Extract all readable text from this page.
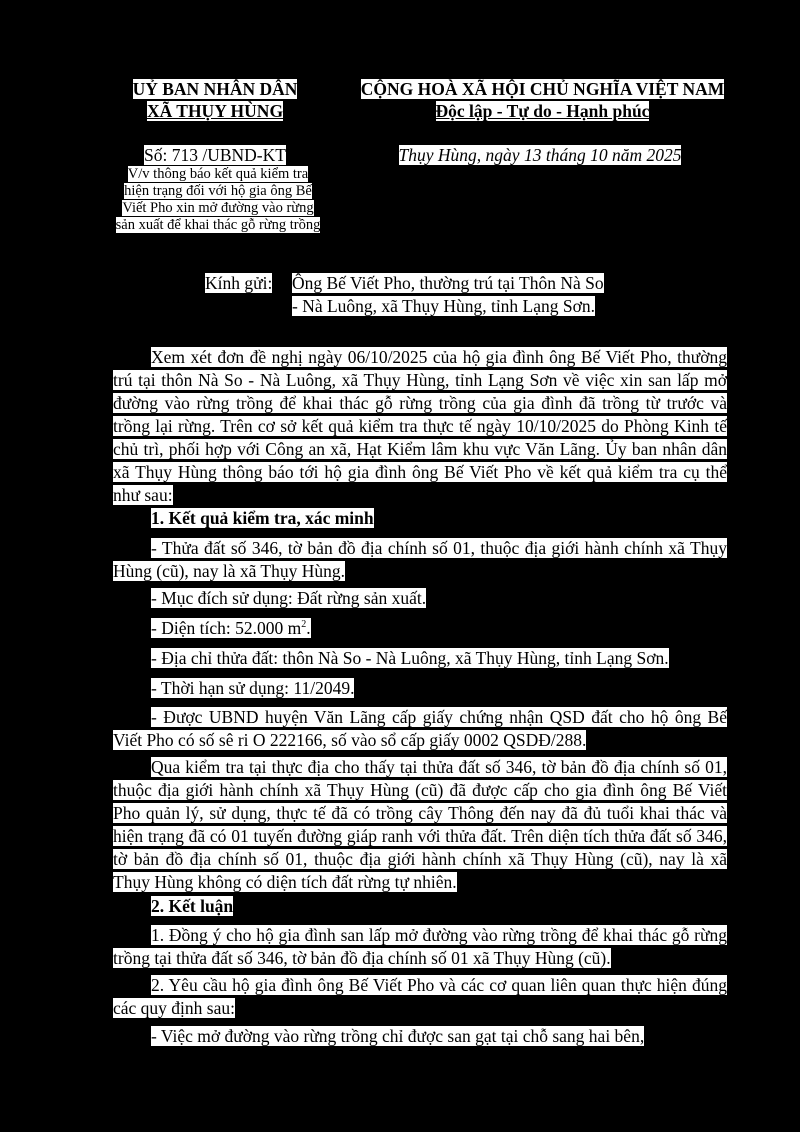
UỶ BAN NHÂN DÂN
XÃ THỤY HÙNG
CỘNG HOÀ XÃ HỘI CHỦ NGHĨA VIỆT NAM
Độc lập - Tự do - Hạnh phúc
Số: 713 /UBND-KT
V/v thông báo kết quả kiểm tra
hiện trạng đối với hộ gia ông Bế
Viết Pho xin mở đường vào rừng
sản xuất để khai thác gỗ rừng trồng
Thụy Hùng, ngày 13 tháng 10 năm 2025
Kính gửi: Ông Bế Viết Pho, thường trú tại Thôn Nà So
- Nà Luông, xã Thụy Hùng, tỉnh Lạng Sơn.
Xem xét đơn đề nghị ngày 06/10/2025 của hộ gia đình ông Bế Viết Pho, thường trú tại thôn Nà So - Nà Luông, xã Thụy Hùng, tỉnh Lạng Sơn về việc xin san lấp mở đường vào rừng trồng để khai thác gỗ rừng trồng của gia đình đã trồng từ trước và trồng lại rừng. Trên cơ sở kết quả kiểm tra thực tế ngày 10/10/2025 do Phòng Kinh tế chủ trì, phối hợp với Công an xã, Hạt Kiểm lâm khu vực Văn Lãng. Ủy ban nhân dân xã Thụy Hùng thông báo tới hộ gia đình ông Bế Viết Pho về kết quả kiểm tra cụ thể như sau:
1. Kết quả kiểm tra, xác minh
- Thửa đất số 346, tờ bản đồ địa chính số 01, thuộc địa giới hành chính xã Thụy Hùng (cũ), nay là xã Thụy Hùng.
- Mục đích sử dụng: Đất rừng sản xuất.
- Diện tích: 52.000 $m^2$.
- Địa chỉ thửa đất: thôn Nà So - Nà Luông, xã Thụy Hùng, tỉnh Lạng Sơn.
- Thời hạn sử dụng: 11/2049.
- Được UBND huyện Văn Lãng cấp giấy chứng nhận QSD đất cho hộ ông Bế Viết Pho có số sê ri O 222166, số vào sổ cấp giấy 0002 QSDĐ/288.
Qua kiểm tra tại thực địa cho thấy tại thửa đất số 346, tờ bản đồ địa chính số 01, thuộc địa giới hành chính xã Thụy Hùng (cũ) đã được cấp cho gia đình ông Bế Viết Pho quản lý, sử dụng, thực tế đã có trồng cây Thông đến nay đã đủ tuổi khai thác và hiện trạng đã có 01 tuyến đường giáp ranh với thửa đất. Trên diện tích thửa đất số 346, tờ bản đồ địa chính số 01, thuộc địa giới hành chính xã Thụy Hùng (cũ), nay là xã Thụy Hùng không có diện tích đất rừng tự nhiên.
2. Kết luận
1. Đồng ý cho hộ gia đình san lấp mở đường vào rừng trồng để khai thác gỗ rừng trồng tại thửa đất số 346, tờ bản đồ địa chính số 01 xã Thụy Hùng (cũ).
2. Yêu cầu hộ gia đình ông Bế Viết Pho và các cơ quan liên quan thực hiện đúng các quy định sau:
- Việc mở đường vào rừng trồng chỉ được san gạt tại chỗ sang hai bên,
